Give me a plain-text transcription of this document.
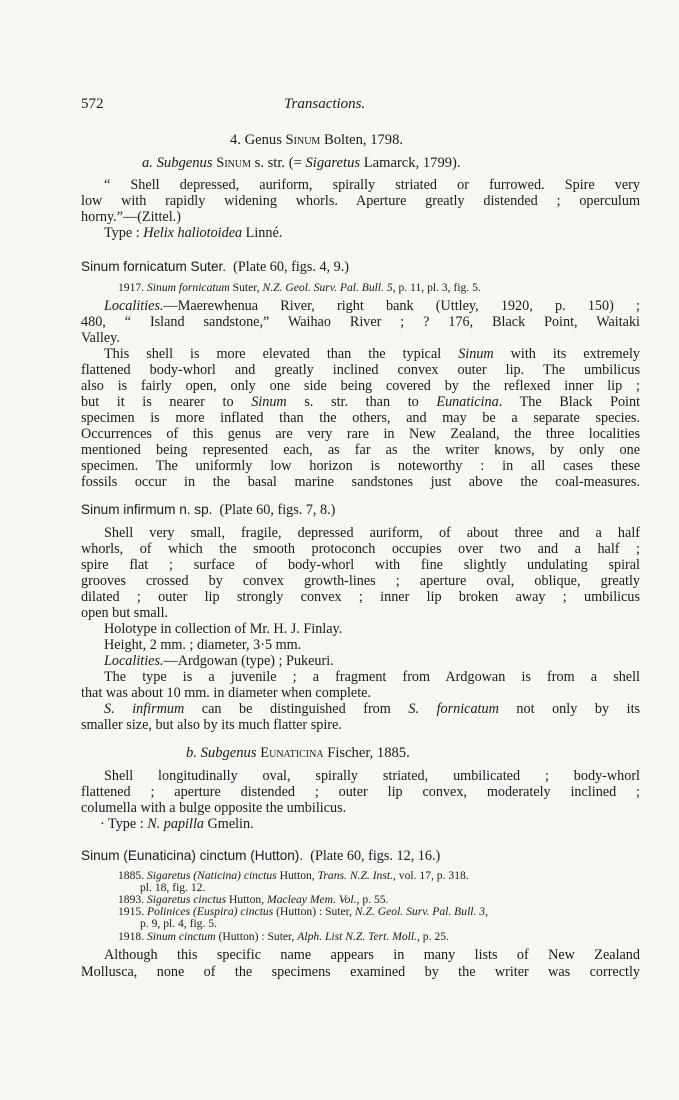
572	Transactions.
4. Genus Sinum Bolten, 1798.
a. Subgenus Sinum s. str. (= Sigaretus Lamarck, 1799).
“ Shell depressed, auriform, spirally striated or furrowed. Spire very
low with rapidly widening whorls. Aperture greatly distended ; operculum
horny.”—(Zittel.)
Type : Helix haliotoidea Linné.
Sinum fornicatum Suter. (Plate 60, figs. 4, 9.)
1917. Sinum fornicatum Suter, N.Z. Geol. Surv. Pal. Bull. 5, p. 11, pl. 3, fig. 5.
Localities.—Maerewhenua River, right bank (Uttley, 1920, p. 150) ;
480, “ Island sandstone,” Waihao River ; ? 176, Black Point, Waitaki
Valley.
This shell is more elevated than the typical Sinum with its extremely
flattened body-whorl and greatly inclined convex outer lip. The umbilicus
also is fairly open, only one side being covered by the reflexed inner lip ;
but it is nearer to Sinum s. str. than to Eunaticina. The Black Point
specimen is more inflated than the others, and may be a separate species.
Occurrences of this genus are very rare in New Zealand, the three localities
mentioned being represented each, as far as the writer knows, by only one
specimen. The uniformly low horizon is noteworthy : in all cases these
fossils occur in the basal marine sandstones just above the coal-measures.
Sinum infirmum n. sp. (Plate 60, figs. 7, 8.)
Shell very small, fragile, depressed auriform, of about three and a half
whorls, of which the smooth protoconch occupies over two and a half ;
spire flat ; surface of body-whorl with fine slightly undulating spiral
grooves crossed by convex growth-lines ; aperture oval, oblique, greatly
dilated ; outer lip strongly convex ; inner lip broken away ; umbilicus
open but small.
Holotype in collection of Mr. H. J. Finlay.
Height, 2 mm. ; diameter, 3·5 mm.
Localities.—Ardgowan (type) ; Pukeuri.
The type is a juvenile ; a fragment from Ardgowan is from a shell
that was about 10 mm. in diameter when complete.
S. infirmum can be distinguished from S. fornicatum not only by its
smaller size, but also by its much flatter spire.
b. Subgenus Eunaticina Fischer, 1885.
Shell longitudinally oval, spirally striated, umbilicated ; body-whorl
flattened ; aperture distended ; outer lip convex, moderately inclined ;
columella with a bulge opposite the umbilicus.
· Type : N. papilla Gmelin.
Sinum (Eunaticina) cinctum (Hutton). (Plate 60, figs. 12, 16.)
1885. Sigaretus (Naticina) cinctus Hutton, Trans. N.Z. Inst., vol. 17, p. 318.
pl. 18, fig. 12.
1893. Sigaretus cinctus Hutton, Macleay Mem. Vol., p. 55.
1915. Polinices (Euspira) cinctus (Hutton) : Suter, N.Z. Geol. Surv. Pal. Bull. 3,
p. 9, pl. 4, fig. 5.
1918. Sinum cinctum (Hutton) : Suter, Alph. List N.Z. Tert. Moll., p. 25.
Although this specific name appears in many lists of New Zealand
Mollusca, none of the specimens examined by the writer was correctly
